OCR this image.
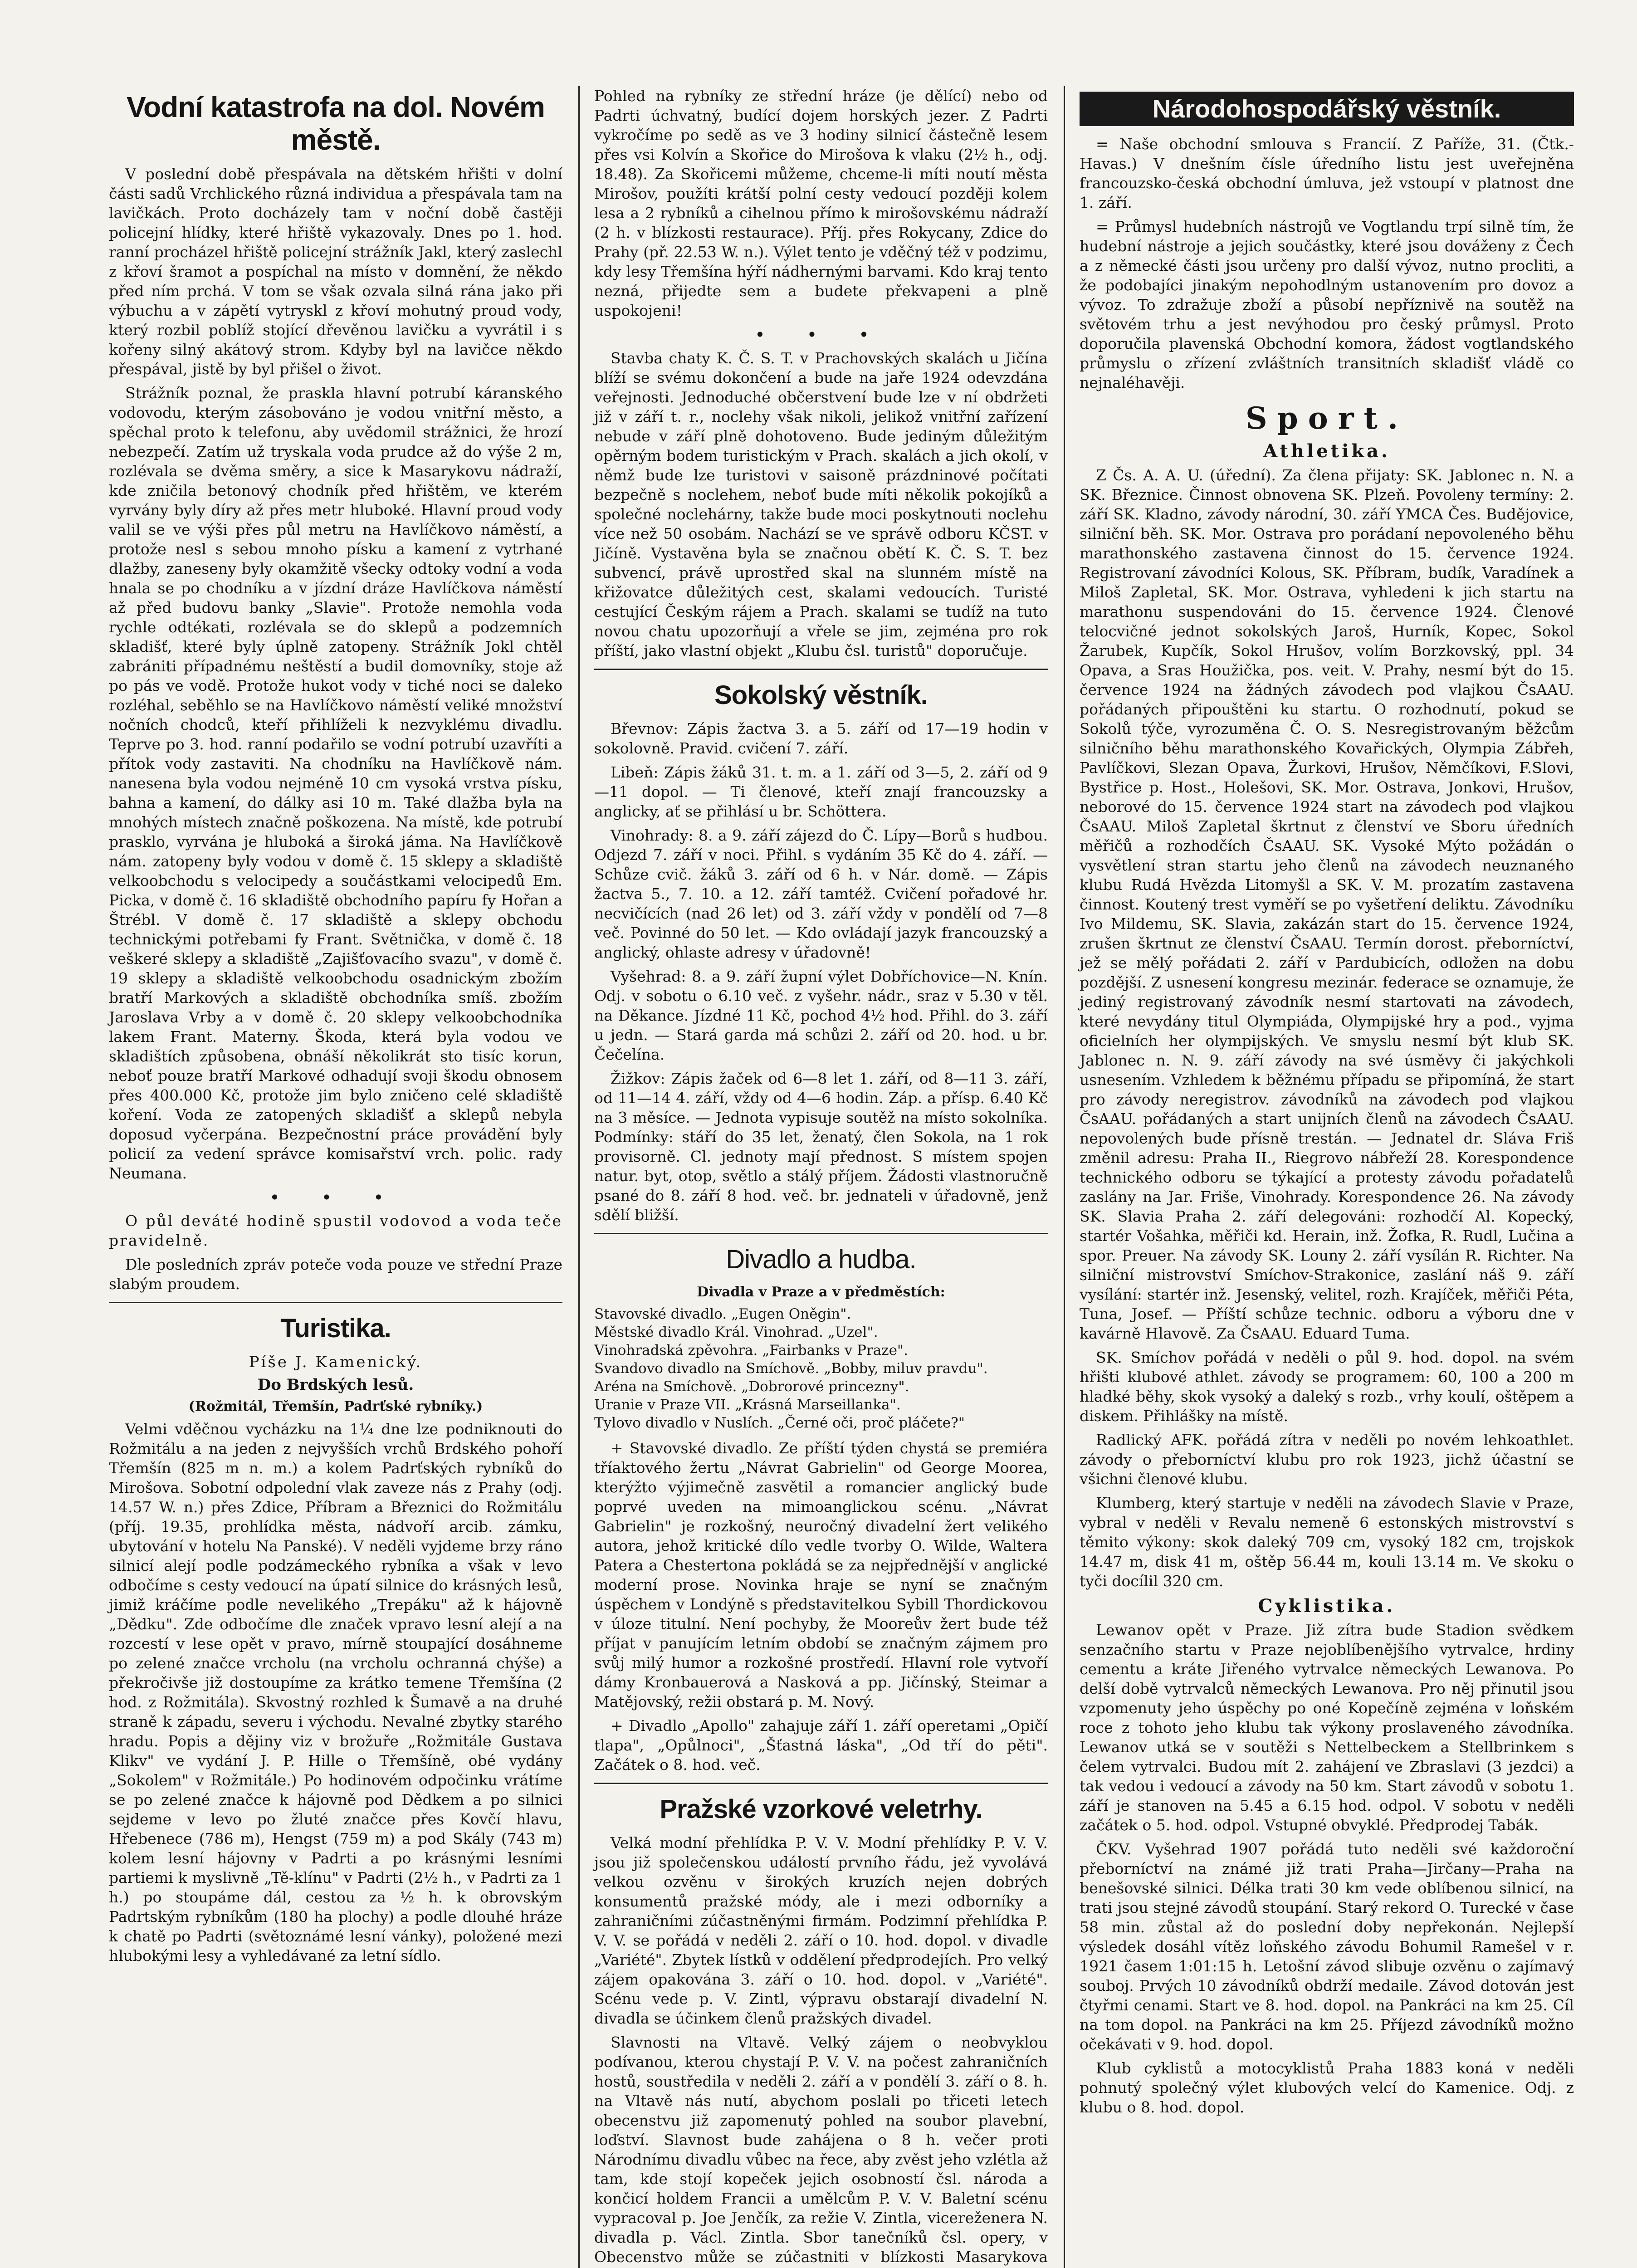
Vodní katastrofa na dol. Novém městě.

V poslední době přespávala na dětském hřišti v dolní části sadů Vrchlického různá individua a přespávala tam na lavičkách. Proto docházely tam v noční době častěji policejní hlídky, které hřiště vykazovaly. Dnes po 1. hod. ranní procházel hřiště policejní strážník Jakl, který zaslechl z křoví šramot a pospíchal na místo v domnění, že někdo před ním prchá. V tom se však ozvala silná rána jako při výbuchu a v zápětí vytryskl z křoví mohutný proud vody, který rozbil poblíž stojící dřevěnou lavičku a vyvrátil i s kořeny silný akátový strom. Kdyby byl na lavičce někdo přespával, jistě by byl přišel o život.

Strážník poznal, že praskla hlavní potrubí káranského vodovodu, kterým zásobováno je vodou vnitřní město, a spěchal proto k telefonu, aby uvědomil strážnici, že hrozí nebezpečí. Zatím už tryskala voda prudce až do výše 2 m, rozlévala se dvěma směry, a sice k Masarykovu nádraží, kde zničila betonový chodník před hřištěm, ve kterém vyrvány byly díry až přes metr hluboké. Hlavní proud vody valil se ve výši přes půl metru na Havlíčkovo náměstí, a protože nesl s sebou mnoho písku a kamení z vytrhané dlažby, zaneseny byly okamžitě všecky odtoky vodní a voda hnala se po chodníku a v jízdní dráze Havlíčkova náměstí až před budovu banky „Slavie". Protože nemohla voda rychle odtékati, rozlévala se do sklepů a podzemních skladišť, které byly úplně zatopeny. Strážník Jokl chtěl zabrániti případnému neštěstí a budil domovníky, stoje až po pás ve vodě. Protože hukot vody v tiché noci se daleko rozléhal, seběhlo se na Havlíčkovo náměstí veliké množství nočních chodců, kteří přihlíželi k nezvyklému divadlu. Teprve po 3. hod. ranní podařilo se vodní potrubí uzavříti a přítok vody zastaviti. Na chodníku na Havlíčkově nám. nanesena byla vodou nejméně 10 cm vysoká vrstva písku, bahna a kamení, do dálky asi 10 m. Také dlažba byla na mnohých místech značně poškozena. Na místě, kde potrubí prasklo, vyrvána je hluboká a široká jáma. Na Havlíčkově nám. zatopeny byly vodou v domě č. 15 sklepy a skladiště velkoobchodu s velocipedy a součástkami velocipedů Em. Picka, v domě č. 16 skladiště obchodního papíru fy Hořan a Štrébl. V domě č. 17 skladiště a sklepy obchodu technickými potřebami fy Frant. Světnička, v domě č. 18 veškeré sklepy a skladiště „Zajišťovacího svazu", v domě č. 19 sklepy a skladiště velkoobchodu osadnickým zbožím bratří Markových a skladiště obchodníka smíš. zbožím Jaroslava Vrby a v domě č. 20 sklepy velkoobchodníka lakem Frant. Materny. Škoda, která byla vodou ve skladištích způsobena, obnáší několikrát sto tisíc korun, neboť pouze bratří Markové odhadují svoji škodu obnosem přes 400.000 Kč, protože jim bylo zničeno celé skladiště koření. Voda ze zatopených skladišť a sklepů nebyla doposud vyčerpána. Bezpečnostní práce provádění byly policií za vedení správce komisařství vrch. polic. rady Neumana.

• • •

O půl deváté hodině spustil vodovod a voda teče pravidelně.

Dle posledních zpráv poteče voda pouze ve střední Praze slabým proudem.

Turistika.
Píše J. Kamenický.
Do Brdských lesů.
(Rožmitál, Třemšín, Padrťské rybníky.)

Velmi vděčnou vycházku na 1¼ dne lze podniknouti do Rožmitálu a na jeden z nejvyšších vrchů Brdského pohoří Třemšín (825 m n. m.) a kolem Padrťských rybníků do Mirošova. Sobotní odpolední vlak zaveze nás z Prahy (odj. 14.57 W. n.) přes Zdice, Příbram a Březnici do Rožmitálu (příj. 19.35, prohlídka města, nádvoří arcib. zámku, ubytování v hotelu Na Panské). V neděli vyjdeme brzy ráno silnicí alejí podle podzámeckého rybníka a však v levo odbočíme s cesty vedoucí na úpatí silnice do krásných lesů, jimiž kráčíme podle nevelikého „Trepáku" až k hájovně „Dědku". Zde odbočíme dle značek vpravo lesní alejí a na rozcestí v lese opět v pravo, mírně stoupající dosáhneme po zelené značce vrcholu (na vrcholu ochranná chýše) a překročivše již dostoupíme za krátko temene Třemšína (2 hod. z Rožmitála). Skvostný rozhled k Šumavě a na druhé straně k západu, severu i východu. Nevalné zbytky starého hradu. Popis a dějiny viz v brožuře „Rožmitále Gustava Klikv" ve vydání J. P. Hille o Třemšíně, obé vydány „Sokolem" v Rožmitále.) Po hodinovém odpočinku vrátíme se po zelené značce k hájovně pod Dědkem a po silnici sejdeme v levo po žluté značce přes Kovčí hlavu, Hřebenece (786 m), Hengst (759 m) a pod Skály (743 m) kolem lesní hájovny v Padrti a po krásnými lesními partiemi k myslivně „Tě-klínu" v Padrti (2½ h., v Padrti za 1 h.) po stoupáme dál, cestou za ½ h. k obrovským Padrtským rybníkům (180 ha plochy) a podle dlouhé hráze k chatě po Padrti (světoznámé lesní vánky), položené mezi hlubokými lesy a vyhledávané za letní sídlo.

Pohled na rybníky ze střední hráze (je dělící) nebo od Padrti úchvatný, budící dojem horských jezer. Z Padrti vykročíme po sedě as ve 3 hodiny silnicí částečně lesem přes vsi Kolvín a Skořice do Mirošova k vlaku (2½ h., odj. 18.48). Za Skořicemi můžeme, chceme-li míti noutí města Mirošov, použíti krátší polní cesty vedoucí později kolem lesa a 2 rybníků a cihelnou přímo k mirošovskému nádraží (2 h. v blízkosti restaurace). Příj. přes Rokycany, Zdice do Prahy (př. 22.53 W. n.). Výlet tento je vděčný též v podzimu, kdy lesy Třemšína hýří nádhernými barvami. Kdo kraj tento nezná, přijedte sem a budete překvapeni a plně uspokojeni!

• • •

Stavba chaty K. Č. S. T. v Prachovských skalách u Jičína blíží se svému dokončení a bude na jaře 1924 odevzdána veřejnosti. Jednoduché občerstvení bude lze v ní obdržeti již v září t. r., noclehy však nikoli, jelikož vnitřní zařízení nebude v září plně dohotoveno. Bude jediným důležitým opěrným bodem turistickým v Prach. skalách a jich okolí, v němž bude lze turistovi v saisoně prázdninové počítati bezpečně s noclehem, neboť bude míti několik pokojíků a společné noclehárny, takže bude moci poskytnouti noclehu více než 50 osobám. Nachází se ve správě odboru KČST. v Jičíně. Vystavěna byla se značnou obětí K. Č. S. T. bez subvencí, právě uprostřed skal na slunném místě na křižovatce důležitých cest, skalami vedoucích. Turisté cestující Českým rájem a Prach. skalami se tudíž na tuto novou chatu upozorňují a vřele se jim, zejména pro rok příští, jako vlastní objekt „Klubu čsl. turistů" doporučuje.

Sokolský věstník.

Břevnov: Zápis žactva 3. a 5. září od 17—19 hodin v sokolovně. Pravid. cvičení 7. září.

Libeň: Zápis žáků 31. t. m. a 1. září od 3—5, 2. září od 9—11 dopol. — Ti členové, kteří znají francouzsky a anglicky, ať se přihlásí u br. Schöttera.

Vinohrady: 8. a 9. září zájezd do Č. Lípy—Borů s hudbou. Odjezd 7. září v noci. Přihl. s vydáním 35 Kč do 4. září. — Schůze cvič. žáků 3. září od 6 h. v Nár. domě. — Zápis žactva 5., 7. 10. a 12. září tamtéž. Cvičení pořadové hr. necvičících (nad 26 let) od 3. září vždy v pondělí od 7—8 več. Povinné do 50 let. — Kdo ovládají jazyk francouzský a anglický, ohlaste adresy v úřadovně!

Vyšehrad: 8. a 9. září župní výlet Dobříchovice—N. Knín. Odj. v sobotu o 6.10 več. z vyšehr. nádr., sraz v 5.30 v těl. na Děkance. Jízdné 11 Kč, pochod 4½ hod. Přihl. do 3. září u jedn. — Stará garda má schůzi 2. září od 20. hod. u br. Čečelína.

Žižkov: Zápis žaček od 6—8 let 1. září, od 8—11 3. září, od 11—14 4. září, vždy od 4—6 hodin. Záp. a přísp. 6.40 Kč na 3 měsíce. — Jednota vypisuje soutěž na místo sokolníka. Podmínky: stáří do 35 let, ženatý, člen Sokola, na 1 rok provisorně. Cl. jednoty mají přednost. S místem spojen natur. byt, otop, světlo a stálý příjem. Žádosti vlastnoručně psané do 8. září 8 hod. več. br. jednateli v úřadovně, jenž sdělí bližší.

Divadlo a hudba.
Divadla v Praze a v předměstích:

Stavovské divadlo. „Eugen Oněgin".

Městské divadlo Král. Vinohrad. „Uzel".

Vinohradská zpěvohra. „Fairbanks v Praze".

Svandovo divadlo na Smíchově. „Bobby, miluv pravdu".

Aréna na Smíchově. „Dobrorové princezny".

Uranie v Praze VII. „Krásná Marseillanka".

Tylovo divadlo v Nuslích. „Černé oči, proč pláčete?"

+ Stavovské divadlo. Ze příští týden chystá se premiéra tříaktového žertu „Návrat Gabrielin" od George Moorea, kterýžto výjimečně zasvětil a romancier anglický bude poprvé uveden na mimoanglickou scénu. „Návrat Gabrielin" je rozkošný, neuročný divadelní žert velikého autora, jehož kritické dílo vedle tvorby O. Wilde, Waltera Patera a Chestertona pokládá se za nejpřednější v anglické moderní prose. Novinka hraje se nyní se značným úspěchem v Londýně s představitelkou Sybill Thordickovou v úloze titulní. Není pochyby, že Mooreův žert bude též příjat v panujícím letním období se značným zájmem pro svůj milý humor a rozkošné prostředí. Hlavní role vytvoří dámy Kronbauerová a Nasková a pp. Jičínský, Steimar a Matějovský, režii obstará p. M. Nový.

+ Divadlo „Apollo" zahajuje září 1. září operetami „Opičí tlapa", „Opůlnoci", „Šťastná láska", „Od tří do pěti". Začátek o 8. hod. več.

Pražské vzorkové veletrhy.

Velká modní přehlídka P. V. V. Modní přehlídky P. V. V. jsou již společenskou událostí prvního řádu, jež vyvolává velkou ozvěnu v širokých kruzích nejen dobrých konsumentů pražské módy, ale i mezi odborníky a zahraničními zúčastněnými firmám. Podzimní přehlídka P. V. V. se pořádá v neděli 2. září o 10. hod. dopol. v divadle „Variété". Zbytek lístků v oddělení předprodejích. Pro velký zájem opakována 3. září o 10. hod. dopol. v „Variété". Scénu vede p. V. Zintl, výpravu obstarají divadelní N. divadla se účinkem členů pražských divadel.

Slavnosti na Vltavě. Velký zájem o neobvyklou podívanou, kterou chystají P. V. V. na počest zahraničních hostů, soustředila v neděli 2. září a v pondělí 3. září o 8. h. na Vltavě nás nutí, abychom poslali po třiceti letech obecenstvu již zapomenutý pohled na soubor plavební, loďství. Slavnost bude zahájena o 8 h. večer proti Národnímu divadlu vůbec na řece, aby zvěst jeho vzlétla až tam, kde stojí kopeček jejich osobností čsl. národa a končicí holdem Francii a umělcům P. V. V. Baletní scénu vypracoval p. Joe Jenčík, za režie V. Zintla, vicereženera N. divadla p. Václ. Zintla. Sbor tanečníků čsl. opery, v Obecenstvo může se zúčastniti v blízkosti Masarykova

Národohospodářský věstník.

= Naše obchodní smlouva s Francií. Z Paříže, 31. (Čtk.-Havas.) V dnešním čísle úředního listu jest uveřejněna francouzsko-česká obchodní úmluva, jež vstoupí v platnost dne 1. září.

= Průmysl hudebních nástrojů ve Vogtlandu trpí silně tím, že hudební nástroje a jejich součástky, které jsou dováženy z Čech a z německé části jsou určeny pro další vývoz, nutno procliti, a že podobajíci jinakým nepohodlným ustanovením pro dovoz a vývoz. To zdražuje zboží a působí nepříznivě na soutěž na světovém trhu a jest nevýhodou pro český průmysl. Proto doporučila plavenská Obchodní komora, žádost vogtlandského průmyslu o zřízení zvláštních transitních skladišť vládě co nejnaléhavěji.

Sport.
Athletika.

Z Čs. A. A. U. (úřední). Za člena přijaty: SK. Jablonec n. N. a SK. Březnice. Činnost obnovena SK. Plzeň. Povoleny termíny: 2. září SK. Kladno, závody národní, 30. září YMCA Čes. Budějovice, silniční běh. SK. Mor. Ostrava pro porádaní nepovoleného běhu marathonského zastavena činnost do 15. července 1924. Registrovaní závodníci Kolous, SK. Příbram, budík, Varadínek a Miloš Zapletal, SK. Mor. Ostrava, vyhledeni k jich startu na marathonu suspendováni do 15. července 1924. Členové telocvičné jednot sokolských Jaroš, Hurník, Kopec, Sokol Žarubek, Kupčík, Sokol Hrušov, volím Borzkovský, ppl. 34 Opava, a Sras Houžička, pos. veit. V. Prahy, nesmí být do 15. července 1924 na žádných závodech pod vlajkou ČsAAU. pořádaných připouštěni ku startu. O rozhodnutí, pokud se Sokolů týče, vyrozuměna Č. O. S. Nesregistrovaným běžcům silničního běhu marathonského Kovařických, Olympia Zábřeh, Pavlíčkovi, Slezan Opava, Žurkovi, Hrušov, Němčíkovi, F.Slovi, Bystřice p. Host., Holešovi, SK. Mor. Ostrava, Jonkovi, Hrušov, neborové do 15. července 1924 start na závodech pod vlajkou ČsAAU. Miloš Zapletal škrtnut z členství ve Sboru úředních měřičů a rozhodčích ČsAAU. SK. Vysoké Mýto požádán o vysvětlení stran startu jeho členů na závodech neuznaného klubu Rudá Hvězda Litomyšl a SK. V. M. prozatím zastavena činnost. Koutený trest vyměří se po vyšetření deliktu. Závodníku Ivo Mildemu, SK. Slavia, zakázán start do 15. července 1924, zrušen škrtnut ze členství ČsAAU. Termín dorost. přeborníctví, jež se mělý pořádati 2. září v Pardubicích, odložen na dobu pozdější. Z usnesení kongresu mezinár. federace se oznamuje, že jediný registrovaný závodník nesmí startovati na závodech, které nevydány titul Olympiáda, Olympijské hry a pod., vyjma oficielních her olympijských. Ve smyslu nesmí být klub SK. Jablonec n. N. 9. září závody na své úsměvy či jakýchkoli usnesením. Vzhledem k běžnému případu se připomíná, že start pro závody neregistrov. závodníků na závodech pod vlajkou ČsAAU. pořádaných a start unijních členů na závodech ČsAAU. nepovolených bude přísně trestán. — Jednatel dr. Sláva Friš změnil adresu: Praha II., Riegrovo nábřeží 28. Korespondence technického odboru se týkající a protesty závodu pořadatelů zaslány na Jar. Friše, Vinohrady. Korespondence 26. Na závody SK. Slavia Praha 2. září delegováni: rozhodčí Al. Kopecký, startér Vošahka, měřiči kd. Herain, inž. Žofka, R. Rudl, Lučina a spor. Preuer. Na závody SK. Louny 2. září vysílán R. Richter. Na silniční mistrovství Smíchov-Strakonice, zaslání náš 9. září vysílání: startér inž. Jesenský, velitel, rozh. Krajíček, měřiči Péta, Tuna, Josef. — Příští schůze technic. odboru a výboru dne v kavárně Hlavově. Za ČsAAU. Eduard Tuma.

SK. Smíchov pořádá v neděli o půl 9. hod. dopol. na svém hřišti klubové athlet. závody se programem: 60, 100 a 200 m hladké běhy, skok vysoký a daleký s rozb., vrhy koulí, oštěpem a diskem. Přihlášky na místě.

Radlický AFK. pořádá zítra v neděli po novém lehkoathlet. závody o přeborníctví klubu pro rok 1923, jichž účastní se všichni členové klubu.

Klumberg, který startuje v neděli na závodech Slavie v Praze, vybral v neděli v Revalu nemeně 6 estonských mistrovství s těmito výkony: skok daleký 709 cm, vysoký 182 cm, trojskok 14.47 m, disk 41 m, oštěp 56.44 m, kouli 13.14 m. Ve skoku o tyči docílil 320 cm.

Cyklistika.

Lewanov opět v Praze. Již zítra bude Stadion svědkem senzačního startu v Praze nejoblíbenějšího vytrvalce, hrdiny cementu a kráte Jiřeného vytrvalce německých Lewanova. Po delší době vytrvalců německých Lewanova. Pro něj přinutil jsou vzpomenuty jeho úspěchy po oné Kopečíně zejména v loňském roce z tohoto jeho klubu tak výkony proslaveného závodníka. Lewanov utká se v soutěži s Nettelbeckem a Stellbrinkem s čelem vytrvalci. Budou mít 2. zahájení ve Zbraslavi (3 jezdci) a tak vedou i vedoucí a závody na 50 km. Start závodů v sobotu 1. září je stanoven na 5.45 a 6.15 hod. odpol. V sobotu v neděli začátek o 5. hod. odpol. Vstupné obvyklé. Předprodej Tabák.

ČKV. Vyšehrad 1907 pořádá tuto neděli své každoroční přeborníctví na známé již trati Praha—Jirčany—Praha na benešovské silnici. Délka trati 30 km vede oblíbenou silnicí, na trati jsou stejné závodů stoupání. Starý rekord O. Turecké v čase 58 min. zůstal až do poslední doby nepřekonán. Nejlepší výsledek dosáhl vítěz loňského závodu Bohumil Ramešel v r. 1921 časem 1:01:15 h. Letošní závod slibuje ozvěnu o zajímavý souboj. Prvých 10 závodníků obdrží medaile. Závod dotován jest čtyřmi cenami. Start ve 8. hod. dopol. na Pankráci na km 25. Cíl na tom dopol. na Pankráci na km 25. Příjezd závodníků možno očekávati v 9. hod. dopol.

Klub cyklistů a motocyklistů Praha 1883 koná v neděli pohnutý společný výlet klubových velcí do Kamenice. Odj. z klubu o 8. hod. dopol.
